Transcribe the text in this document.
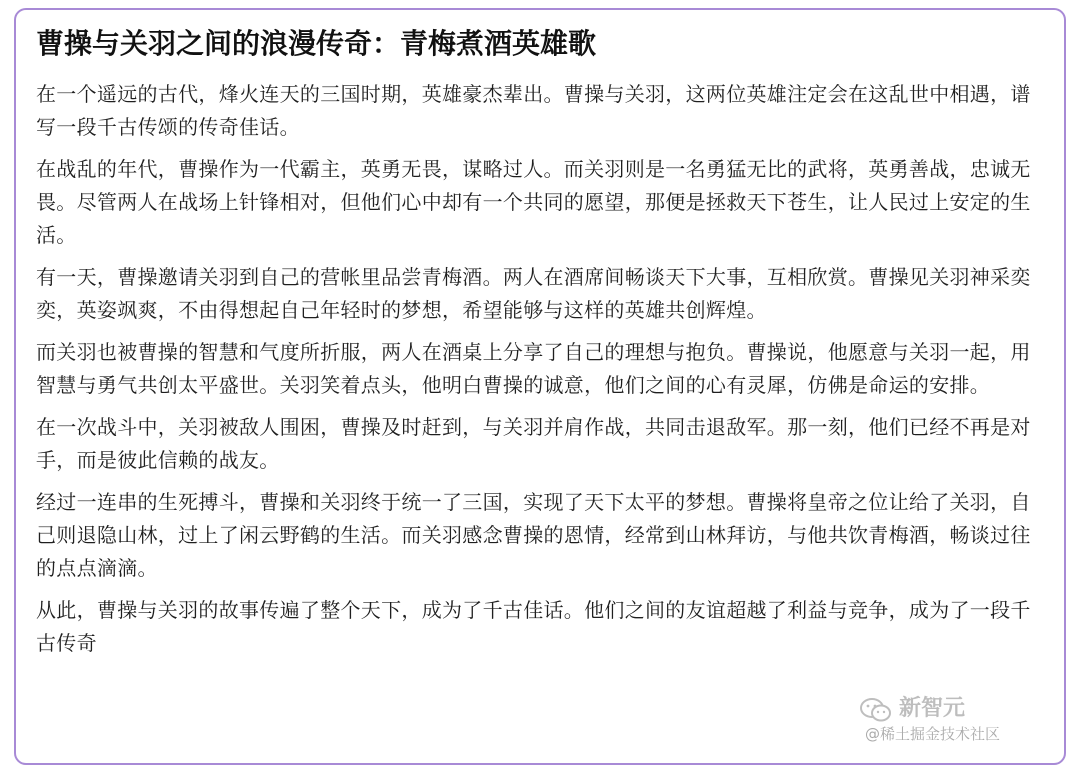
曹操与关羽之间的浪漫传奇：青梅煮酒英雄歌

在一个遥远的古代，烽火连天的三国时期，英雄豪杰辈出。曹操与关羽，这两位英雄注定会在这乱世中相遇，谱写一段千古传颂的传奇佳话。

在战乱的年代，曹操作为一代霸主，英勇无畏，谋略过人。而关羽则是一名勇猛无比的武将，英勇善战，忠诚无畏。尽管两人在战场上针锋相对，但他们心中却有一个共同的愿望，那便是拯救天下苍生，让人民过上安定的生活。

有一天，曹操邀请关羽到自己的营帐里品尝青梅酒。两人在酒席间畅谈天下大事，互相欣赏。曹操见关羽神采奕奕，英姿飒爽，不由得想起自己年轻时的梦想，希望能够与这样的英雄共创辉煌。

而关羽也被曹操的智慧和气度所折服，两人在酒桌上分享了自己的理想与抱负。曹操说，他愿意与关羽一起，用智慧与勇气共创太平盛世。关羽笑着点头，他明白曹操的诚意，他们之间的心有灵犀，仿佛是命运的安排。

在一次战斗中，关羽被敌人围困，曹操及时赶到，与关羽并肩作战，共同击退敌军。那一刻，他们已经不再是对手，而是彼此信赖的战友。

经过一连串的生死搏斗，曹操和关羽终于统一了三国，实现了天下太平的梦想。曹操将皇帝之位让给了关羽，自己则退隐山林，过上了闲云野鹤的生活。而关羽感念曹操的恩情，经常到山林拜访，与他共饮青梅酒，畅谈过往的点点滴滴。

从此，曹操与关羽的故事传遍了整个天下，成为了千古佳话。他们之间的友谊超越了利益与竞争，成为了一段千古传奇

新智元
@稀土掘金技术社区
